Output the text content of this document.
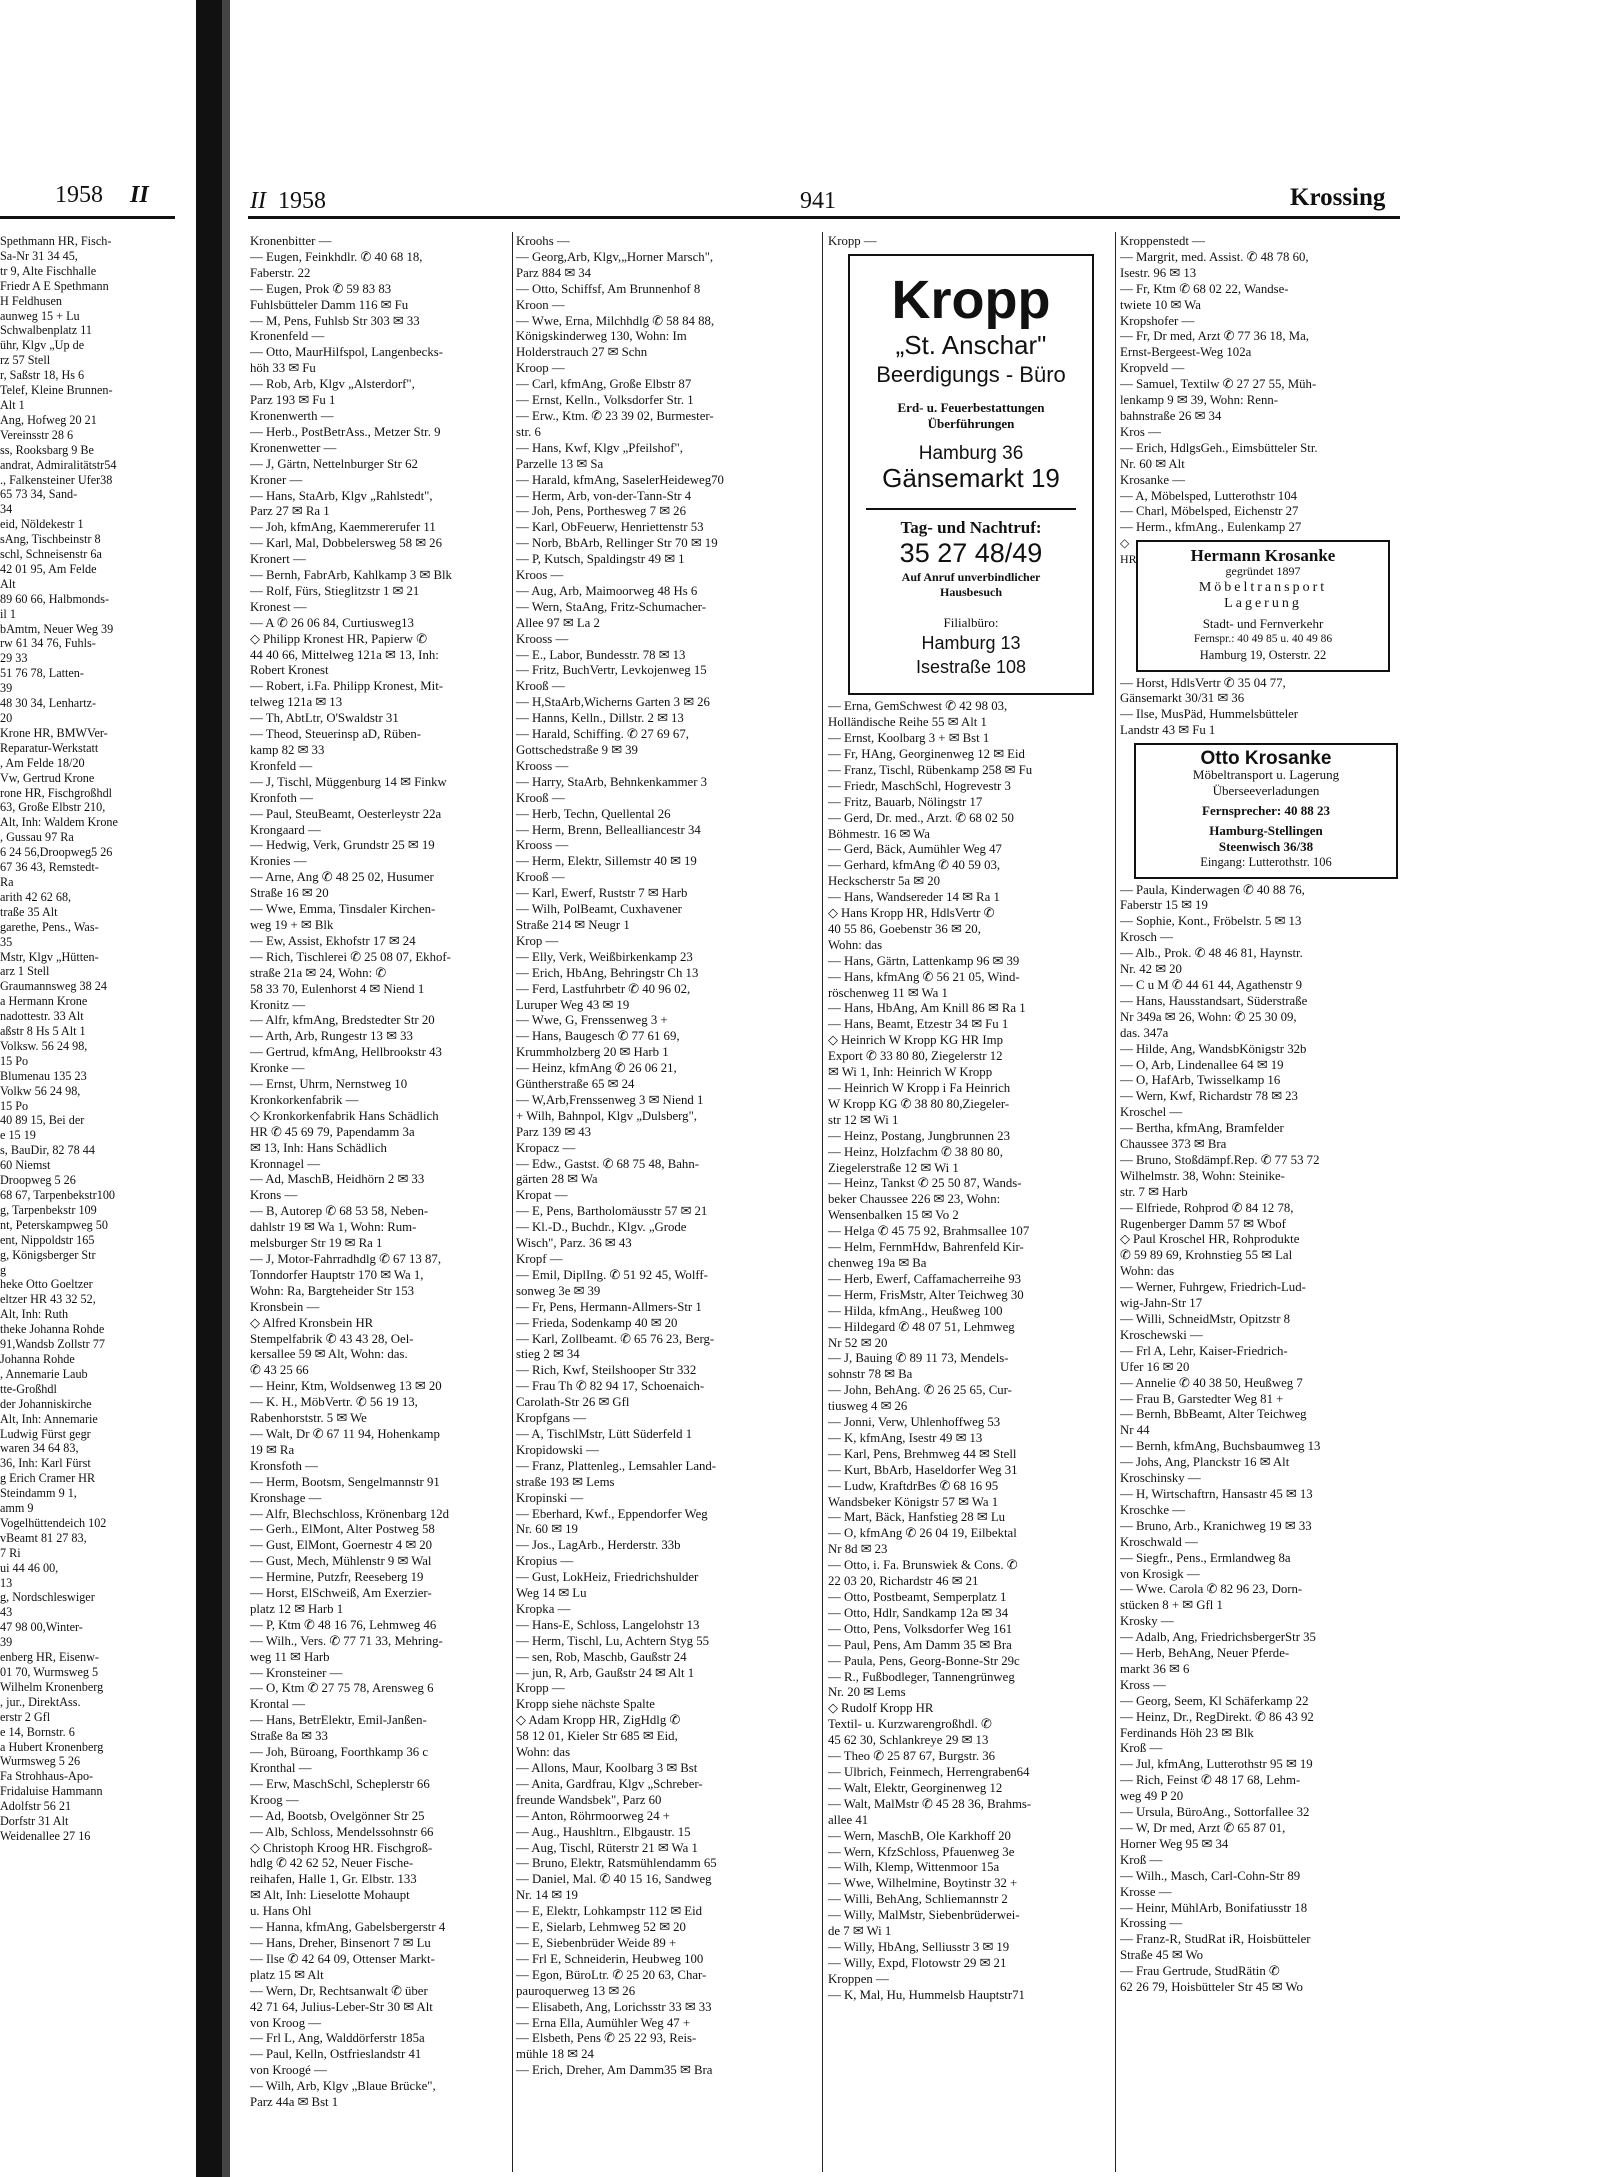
1958 II
Spethmann HR, Fisch-
Sa-Nr 31 34 45,
tr 9, Alte Fischhalle
Friedr A E Spethmann
H Feldhusen
aunweg 15 + Lu
Schwalbenplatz 11
ühr, Klgv „Up de
rz 57 Stell
r, Saßstr 18, Hs 6
Telef, Kleine Brunnen-
Alt 1
Ang, Hofweg 20 21
Vereinsstr 28 6
ss, Rooksbarg 9 Be
andrat, Admiralitätstr54
., Falkensteiner Ufer38
65 73 34, Sand-
34
eid, Nöldekestr 1
sAng, Tischbeinstr 8
schl, Schneisenstr 6a
42 01 95, Am Felde
Alt
89 60 66, Halbmonds-
il 1
bAmtm, Neuer Weg 39
rw 61 34 76, Fuhls-
29 33
51 76 78, Latten-
39
48 30 34, Lenhartz-
20
Krone HR, BMWVer-
Reparatur-Werkstatt
, Am Felde 18/20
Vw, Gertrud Krone
rone HR, Fischgroßhdl
63, Große Elbstr 210,
Alt, Inh: Waldem Krone
, Gussau 97 Ra
6 24 56,Droopweg5 26
67 36 43, Remstedt-
Ra
arith 42 62 68,
traße 35 Alt
garethe, Pens., Was-
35
Mstr, Klgv „Hütten-
arz 1 Stell
Graumannsweg 38 24
a Hermann Krone
nadottestr. 33 Alt
aßstr 8 Hs 5 Alt 1
Volksw. 56 24 98,
15 Po
Blumenau 135 23
Volkw 56 24 98,
15 Po
40 89 15, Bei der
e 15 19
s, BauDir, 82 78 44
60 Niemst
Droopweg 5 26
68 67, Tarpenbekstr100
g, Tarpenbekstr 109
nt, Peterskampweg 50
ent, Nippoldstr 165
g, Königsberger Str
g
heke Otto Goeltzer
eltzer HR 43 32 52,
Alt, Inh: Ruth
theke Johanna Rohde
91,Wandsb Zollstr 77
Johanna Rohde
, Annemarie Laub
tte-Großhdl
der Johanniskirche
Alt, Inh: Annemarie
Ludwig Fürst gegr
waren 34 64 83,
36, Inh: Karl Fürst
g Erich Cramer HR
Steindamm 9 1,
amm 9
Vogelhüttendeich 102
vBeamt 81 27 83,
7 Ri
ui 44 46 00,
13
g, Nordschleswiger
43
47 98 00,Winter-
39
enberg HR, Eisenw-
01 70, Wurmsweg 5
Wilhelm Kronenberg
, jur., DirektAss.
erstr 2 Gfl
e 14, Bornstr. 6
a Hubert Kronenberg
Wurmsweg 5 26
Fa Strohhaus-Apo-
Fridaluise Hammann
Adolfstr 56 21
Dorfstr 31 Alt
Weidenallee 27 16
II 1958	941	Krossing
Kronenbitter —
— Eugen, Feinkhdlr. ✆ 40 68 18,
Faberstr. 22
— Eugen, Prok ✆ 59 83 83
Fuhlsbütteler Damm 116 ✉ Fu
— M, Pens, Fuhlsb Str 303 ✉ 33
Kronenfeld —
— Otto, MaurHilfspol, Langenbecks-
höh 33 ✉ Fu
— Rob, Arb, Klgv „Alsterdorf",
Parz 193 ✉ Fu 1
Kronenwerth —
— Herb., PostBetrAss., Metzer Str. 9
Kronenwetter —
— J, Gärtn, Nettelnburger Str 62
Kroner —
— Hans, StaArb, Klgv „Rahlstedt",
Parz 27 ✉ Ra 1
— Joh, kfmAng, Kaemmererufer 11
— Karl, Mal, Dobbelersweg 58 ✉ 26
Kronert —
— Bernh, FabrArb, Kahlkamp 3 ✉ Blk
— Rolf, Fürs, Stieglitzstr 1 ✉ 21
Kronest —
— A ✆ 26 06 84, Curtiusweg13
◇ Philipp Kronest HR, Papierw ✆
44 40 66, Mittelweg 121a ✉ 13, Inh:
Robert Kronest
— Robert, i.Fa. Philipp Kronest, Mit-
telweg 121a ✉ 13
— Th, AbtLtr, O'Swaldstr 31
— Theod, Steuerinsp aD, Rüben-
kamp 82 ✉ 33
Kronfeld —
— J, Tischl, Müggenburg 14 ✉ Finkw
Kronfoth —
— Paul, SteuBeamt, Oesterleystr 22a
Krongaard —
— Hedwig, Verk, Grundstr 25 ✉ 19
Kronies —
— Arne, Ang ✆ 48 25 02, Husumer
Straße 16 ✉ 20
— Wwe, Emma, Tinsdaler Kirchen-
weg 19 + ✉ Blk
— Ew, Assist, Ekhofstr 17 ✉ 24
— Rich, Tischlerei ✆ 25 08 07, Ekhof-
straße 21a ✉ 24, Wohn: ✆
58 33 70, Eulenhorst 4 ✉ Niend 1
Kronitz —
— Alfr, kfmAng, Bredstedter Str 20
— Arth, Arb, Rungestr 13 ✉ 33
— Gertrud, kfmAng, Hellbrookstr 43
Kronke —
— Ernst, Uhrm, Nernstweg 10
Kronkorkenfabrik —
◇ Kronkorkenfabrik Hans Schädlich
HR ✆ 45 69 79, Papendamm 3a
✉ 13, Inh: Hans Schädlich
Kronnagel —
— Ad, MaschB, Heidhörn 2 ✉ 33
Krons —
— B, Autorep ✆ 68 53 58, Neben-
dahlstr 19 ✉ Wa 1, Wohn: Rum-
melsburger Str 19 ✉ Ra 1
— J, Motor-Fahrradhdlg ✆ 67 13 87,
Tonndorfer Hauptstr 170 ✉ Wa 1,
Wohn: Ra, Bargteheider Str 153
Kronsbein —
◇ Alfred Kronsbein HR
Stempelfabrik ✆ 43 43 28, Oel-
kersallee 59 ✉ Alt, Wohn: das.
✆ 43 25 66
— Heinr, Ktm, Woldsenweg 13 ✉ 20
— K. H., MöbVertr. ✆ 56 19 13,
Rabenhorststr. 5 ✉ We
— Walt, Dr ✆ 67 11 94, Hohenkamp
19 ✉ Ra
Kronsfoth —
— Herm, Bootsm, Sengelmannstr 91
Kronshage —
— Alfr, Blechschloss, Krönenbarg 12d
— Gerh., ElMont, Alter Postweg 58
— Gust, ElMont, Goernestr 4 ✉ 20
— Gust, Mech, Mühlenstr 9 ✉ Wal
— Hermine, Putzfr, Reeseberg 19
— Horst, ElSchweiß, Am Exerzier-
platz 12 ✉ Harb 1
— P, Ktm ✆ 48 16 76, Lehmweg 46
— Wilh., Vers. ✆ 77 71 33, Mehring-
weg 11 ✉ Harb
— Kronsteiner —
— O, Ktm ✆ 27 75 78, Arensweg 6
Krontal —
— Hans, BetrElektr, Emil-Janßen-
Straße 8a ✉ 33
— Joh, Büroang, Foorthkamp 36 c
Kronthal —
— Erw, MaschSchl, Scheplerstr 66
Kroog —
— Ad, Bootsb, Ovelgönner Str 25
— Alb, Schloss, Mendelssohnstr 66
◇ Christoph Kroog HR. Fischgroß-
hdlg ✆ 42 62 52, Neuer Fische-
reihafen, Halle 1, Gr. Elbstr. 133
✉ Alt, Inh: Lieselotte Mohaupt
u. Hans Ohl
— Hanna, kfmAng, Gabelsbergerstr 4
— Hans, Dreher, Binsenort 7 ✉ Lu
— Ilse ✆ 42 64 09, Ottenser Markt-
platz 15 ✉ Alt
— Wern, Dr, Rechtsanwalt ✆ über
42 71 64, Julius-Leber-Str 30 ✉ Alt
von Kroog —
— Frl L, Ang, Walddörferstr 185a
— Paul, Kelln, Ostfrieslandstr 41
von Kroogé —
— Wilh, Arb, Klgv „Blaue Brücke",
Parz 44a ✉ Bst 1
Kroohs —
— Georg,Arb, Klgv,„Horner Marsch",
Parz 884 ✉ 34
— Otto, Schiffsf, Am Brunnenhof 8
Kroon —
— Wwe, Erna, Milchhdlg ✆ 58 84 88,
Königskinderweg 130, Wohn: Im
Holderstrauch 27 ✉ Schn
Kroop —
— Carl, kfmAng, Große Elbstr 87
— Ernst, Kelln., Volksdorfer Str. 1
— Erw., Ktm. ✆ 23 39 02, Burmester-
str. 6
— Hans, Kwf, Klgv „Pfeilshof",
Parzelle 13 ✉ Sa
— Harald, kfmAng, SaselerHeideweg70
— Herm, Arb, von-der-Tann-Str 4
— Joh, Pens, Porthesweg 7 ✉ 26
— Karl, ObFeuerw, Henriettenstr 53
— Norb, BbArb, Rellinger Str 70 ✉ 19
— P, Kutsch, Spaldingstr 49 ✉ 1
Kroos —
— Aug, Arb, Maimoorweg 48 Hs 6
— Wern, StaAng, Fritz-Schumacher-
Allee 97 ✉ La 2
Krooss —
— E., Labor, Bundesstr. 78 ✉ 13
— Fritz, BuchVertr, Levkojenweg 15
Krooß —
— H,StaArb,Wicherns Garten 3 ✉ 26
— Hanns, Kelln., Dillstr. 2 ✉ 13
— Harald, Schiffing. ✆ 27 69 67,
Gottschedstraße 9 ✉ 39
Krooss —
— Harry, StaArb, Behnkenkammer 3
Krooß —
— Herb, Techn, Quellental 26
— Herm, Brenn, Bellealliancestr 34
Krooss —
— Herm, Elektr, Sillemstr 40 ✉ 19
Krooß —
— Karl, Ewerf, Ruststr 7 ✉ Harb
— Wilh, PolBeamt, Cuxhavener
Straße 214 ✉ Neugr 1
Krop —
— Elly, Verk, Weißbirkenkamp 23
— Erich, HbAng, Behringstr Ch 13
— Ferd, Lastfuhrbetr ✆ 40 96 02,
Luruper Weg 43 ✉ 19
— Wwe, G, Frenssenweg 3 +
— Hans, Baugesch ✆ 77 61 69,
Krummholzberg 20 ✉ Harb 1
— Heinz, kfmAng ✆ 26 06 21,
Güntherstraße 65 ✉ 24
— W,Arb,Frenssenweg 3 ✉ Niend 1
+ Wilh, Bahnpol, Klgv „Dulsberg",
Parz 139 ✉ 43
Kropacz —
— Edw., Gastst. ✆ 68 75 48, Bahn-
gärten 28 ✉ Wa
Kropat —
— E, Pens, Bartholomäusstr 57 ✉ 21
— Kl.-D., Buchdr., Klgv. „Grode
Wisch", Parz. 36 ✉ 43
Kropf —
— Emil, DiplIng. ✆ 51 92 45, Wolff-
sonweg 3e ✉ 39
— Fr, Pens, Hermann-Allmers-Str 1
— Frieda, Sodenkamp 40 ✉ 20
— Karl, Zollbeamt. ✆ 65 76 23, Berg-
stieg 2 ✉ 34
— Rich, Kwf, Steilshooper Str 332
— Frau Th ✆ 82 94 17, Schoenaich-
Carolath-Str 26 ✉ Gfl
Kropfgans —
— A, TischlMstr, Lütt Süderfeld 1
Kropidowski —
— Franz, Plattenleg., Lemsahler Land-
straße 193 ✉ Lems
Kropinski —
— Eberhard, Kwf., Eppendorfer Weg
Nr. 60 ✉ 19
— Jos., LagArb., Herderstr. 33b
Kropius —
— Gust, LokHeiz, Friedrichshulder
Weg 14 ✉ Lu
Kropka —
— Hans-E, Schloss, Langelohstr 13
— Herm, Tischl, Lu, Achtern Styg 55
— sen, Rob, Maschb, Gaußstr 24
— jun, R, Arb, Gaußstr 24 ✉ Alt 1
Kropp —
Kropp siehe nächste Spalte
◇ Adam Kropp HR, ZigHdlg ✆
58 12 01, Kieler Str 685 ✉ Eid,
Wohn: das
— Allons, Maur, Koolbarg 3 ✉ Bst
— Anita, Gardfrau, Klgv „Schreber-
freunde Wandsbek", Parz 60
— Anton, Röhrmoorweg 24 +
— Aug., Haushltrn., Elbgaustr. 15
— Aug, Tischl, Rüterstr 21 ✉ Wa 1
— Bruno, Elektr, Ratsmühlendamm 65
— Daniel, Mal. ✆ 40 15 16, Sandweg
Nr. 14 ✉ 19
— E, Elektr, Lohkampstr 112 ✉ Eid
— E, Sielarb, Lehmweg 52 ✉ 20
— E, Siebenbrüder Weide 89 +
— Frl E, Schneiderin, Heubweg 100
— Egon, BüroLtr. ✆ 25 20 63, Char-
pauroquerweg 13 ✉ 26
— Elisabeth, Ang, Lorichsstr 33 ✉ 33
— Erna Ella, Aumühler Weg 47 +
— Elsbeth, Pens ✆ 25 22 93, Reis-
mühle 18 ✉ 24
— Erich, Dreher, Am Damm35 ✉ Bra
Kropp —
Kropp
„St. Anschar"
Beerdigungs - Büro
Erd- u. Feuerbestattungen
Überführungen
Hamburg 36
Gänsemarkt 19
Tag- und Nachtruf:
35 27 48/49
Auf Anruf unverbindlicher
Hausbesuch
Filialbüro:
Hamburg 13
Isestraße 108
— Erna, GemSchwest ✆ 42 98 03,
Holländische Reihe 55 ✉ Alt 1
— Ernst, Koolbarg 3 + ✉ Bst 1
— Fr, HAng, Georginenweg 12 ✉ Eid
— Franz, Tischl, Rübenkamp 258 ✉ Fu
— Friedr, MaschSchl, Hogrevestr 3
— Fritz, Bauarb, Nölingstr 17
— Gerd, Dr. med., Arzt. ✆ 68 02 50
Böhmestr. 16 ✉ Wa
— Gerd, Bäck, Aumühler Weg 47
— Gerhard, kfmAng ✆ 40 59 03,
Heckscherstr 5a ✉ 20
— Hans, Wandsereder 14 ✉ Ra 1
◇ Hans Kropp HR, HdlsVertr ✆
40 55 86, Goebenstr 36 ✉ 20,
Wohn: das
— Hans, Gärtn, Lattenkamp 96 ✉ 39
— Hans, kfmAng ✆ 56 21 05, Wind-
röschenweg 11 ✉ Wa 1
— Hans, HbAng, Am Knill 86 ✉ Ra 1
— Hans, Beamt, Etzestr 34 ✉ Fu 1
◇ Heinrich W Kropp KG HR Imp
Export ✆ 33 80 80, Ziegelerstr 12
✉ Wi 1, Inh: Heinrich W Kropp
— Heinrich W Kropp i Fa Heinrich
W Kropp KG ✆ 38 80 80,Ziegeler-
str 12 ✉ Wi 1
— Heinz, Postang, Jungbrunnen 23
— Heinz, Holzfachm ✆ 38 80 80,
Ziegelerstraße 12 ✉ Wi 1
— Heinz, Tankst ✆ 25 50 87, Wands-
beker Chaussee 226 ✉ 23, Wohn:
Wensenbalken 15 ✉ Vo 2
— Helga ✆ 45 75 92, Brahmsallee 107
— Helm, FernmHdw, Bahrenfeld Kir-
chenweg 19a ✉ Ba
— Herb, Ewerf, Caffamacherreihe 93
— Herm, FrisMstr, Alter Teichweg 30
— Hilda, kfmAng., Heußweg 100
— Hildegard ✆ 48 07 51, Lehmweg
Nr 52 ✉ 20
— J, Bauing ✆ 89 11 73, Mendels-
sohnstr 78 ✉ Ba
— John, BehAng. ✆ 26 25 65, Cur-
tiusweg 4 ✉ 26
— Jonni, Verw, Uhlenhoffweg 53
— K, kfmAng, Isestr 49 ✉ 13
— Karl, Pens, Brehmweg 44 ✉ Stell
— Kurt, BbArb, Haseldorfer Weg 31
— Ludw, KraftdrBes ✆ 68 16 95
Wandsbeker Königstr 57 ✉ Wa 1
— Mart, Bäck, Hanfstieg 28 ✉ Lu
— O, kfmAng ✆ 26 04 19, Eilbektal
Nr 8d ✉ 23
— Otto, i. Fa. Brunswiek & Cons. ✆
22 03 20, Richardstr 46 ✉ 21
— Otto, Postbeamt, Semperplatz 1
— Otto, Hdlr, Sandkamp 12a ✉ 34
— Otto, Pens, Volksdorfer Weg 161
— Paul, Pens, Am Damm 35 ✉ Bra
— Paula, Pens, Georg-Bonne-Str 29c
— R., Fußbodleger, Tannengrünweg
Nr. 20 ✉ Lems
◇ Rudolf Kropp HR
Textil- u. Kurzwarengroßhdl. ✆
45 62 30, Schlankreye 29 ✉ 13
— Theo ✆ 25 87 67, Burgstr. 36
— Ulbrich, Feinmech, Herrengraben64
— Walt, Elektr, Georginenweg 12
— Walt, MalMstr ✆ 45 28 36, Brahms-
allee 41
— Wern, MaschB, Ole Karkhoff 20
— Wern, KfzSchloss, Pfauenweg 3e
— Wilh, Klemp, Wittenmoor 15a
— Wwe, Wilhelmine, Boytinstr 32 +
— Willi, BehAng, Schliemannstr 2
— Willy, MalMstr, Siebenbrüderwei-
de 7 ✉ Wi 1
— Willy, HbAng, Selliusstr 3 ✉ 19
— Willy, Expd, Flotowstr 29 ✉ 21
Kroppen —
— K, Mal, Hu, Hummelsb Hauptstr71
Kroppenstedt —
— Margrit, med. Assist. ✆ 48 78 60,
Isestr. 96 ✉ 13
— Fr, Ktm ✆ 68 02 22, Wandse-
twiete 10 ✉ Wa
Kropshofer —
— Fr, Dr med, Arzt ✆ 77 36 18, Ma,
Ernst-Bergeest-Weg 102a
Kropveld —
— Samuel, Textilw ✆ 27 27 55, Müh-
lenkamp 9 ✉ 39, Wohn: Renn-
bahnstraße 26 ✉ 34
Kros —
— Erich, HdlgsGeh., Eimsbütteler Str.
Nr. 60 ✉ Alt
Krosanke —
— A, Möbelsped, Lutterothstr 104
— Charl, Möbelsped, Eichenstr 27
— Herm., kfmAng., Eulenkamp 27
◇ HR	Hermann Krosanke
gegründet 1897
Möbeltransport
Lagerung
Stadt- und Fernverkehr
Fernspr.: 40 49 85 u. 40 49 86
Hamburg 19, Osterstr. 22
— Horst, HdlsVertr ✆ 35 04 77,
Gänsemarkt 30/31 ✉ 36
— Ilse, MusPäd, Hummelsbütteler
Landstr 43 ✉ Fu 1
Otto Krosanke
Möbeltransport u. Lagerung
Überseeverladungen
Fernsprecher: 40 88 23
Hamburg-Stellingen
Steenwisch 36/38
Eingang: Lutterothstr. 106
— Paula, Kinderwagen ✆ 40 88 76,
Faberstr 15 ✉ 19
— Sophie, Kont., Fröbelstr. 5 ✉ 13
Krosch —
— Alb., Prok. ✆ 48 46 81, Haynstr.
Nr. 42 ✉ 20
— C u M ✆ 44 61 44, Agathenstr 9
— Hans, Hausstandsart, Süderstraße
Nr 349a ✉ 26, Wohn: ✆ 25 30 09,
das. 347a
— Hilde, Ang, WandsbKönigstr 32b
— O, Arb, Lindenallee 64 ✉ 19
— O, HafArb, Twisselkamp 16
— Wern, Kwf, Richardstr 78 ✉ 23
Kroschel —
— Bertha, kfmAng, Bramfelder
Chaussee 373 ✉ Bra
— Bruno, Stoßdämpf.Rep. ✆ 77 53 72
Wilhelmstr. 38, Wohn: Steinike-
str. 7 ✉ Harb
— Elfriede, Rohprod ✆ 84 12 78,
Rugenberger Damm 57 ✉ Wbof
◇ Paul Kroschel HR, Rohprodukte
✆ 59 89 69, Krohnstieg 55 ✉ Lal
Wohn: das
— Werner, Fuhrgew, Friedrich-Lud-
wig-Jahn-Str 17
— Willi, SchneidMstr, Opitzstr 8
Kroschewski —
— Frl A, Lehr, Kaiser-Friedrich-
Ufer 16 ✉ 20
— Annelie ✆ 40 38 50, Heußweg 7
— Frau B, Garstedter Weg 81 +
— Bernh, BbBeamt, Alter Teichweg
Nr 44
— Bernh, kfmAng, Buchsbaumweg 13
— Johs, Ang, Planckstr 16 ✉ Alt
Kroschinsky —
— H, Wirtschaftrn, Hansastr 45 ✉ 13
Kroschke —
— Bruno, Arb., Kranichweg 19 ✉ 33
Kroschwald —
— Siegfr., Pens., Ermlandweg 8a
von Krosigk —
— Wwe. Carola ✆ 82 96 23, Dorn-
stücken 8 + ✉ Gfl 1
Krosky —
— Adalb, Ang, FriedrichsbergerStr 35
— Herb, BehAng, Neuer Pferde-
markt 36 ✉ 6
Kross —
— Georg, Seem, Kl Schäferkamp 22
— Heinz, Dr., RegDirekt. ✆ 86 43 92
Ferdinands Höh 23 ✉ Blk
Kroß —
— Jul, kfmAng, Lutterothstr 95 ✉ 19
— Rich, Feinst ✆ 48 17 68, Lehm-
weg 49 P 20
— Ursula, BüroAng., Sottorfallee 32
— W, Dr med, Arzt ✆ 65 87 01,
Horner Weg 95 ✉ 34
Kroß —
— Wilh., Masch, Carl-Cohn-Str 89
Krosse —
— Heinr, MühlArb, Bonifatiusstr 18
Krossing —
— Franz-R, StudRat iR, Hoisbütteler
Straße 45 ✉ Wo
— Frau Gertrude, StudRätin ✆
62 26 79, Hoisbütteler Str 45 ✉ Wo
